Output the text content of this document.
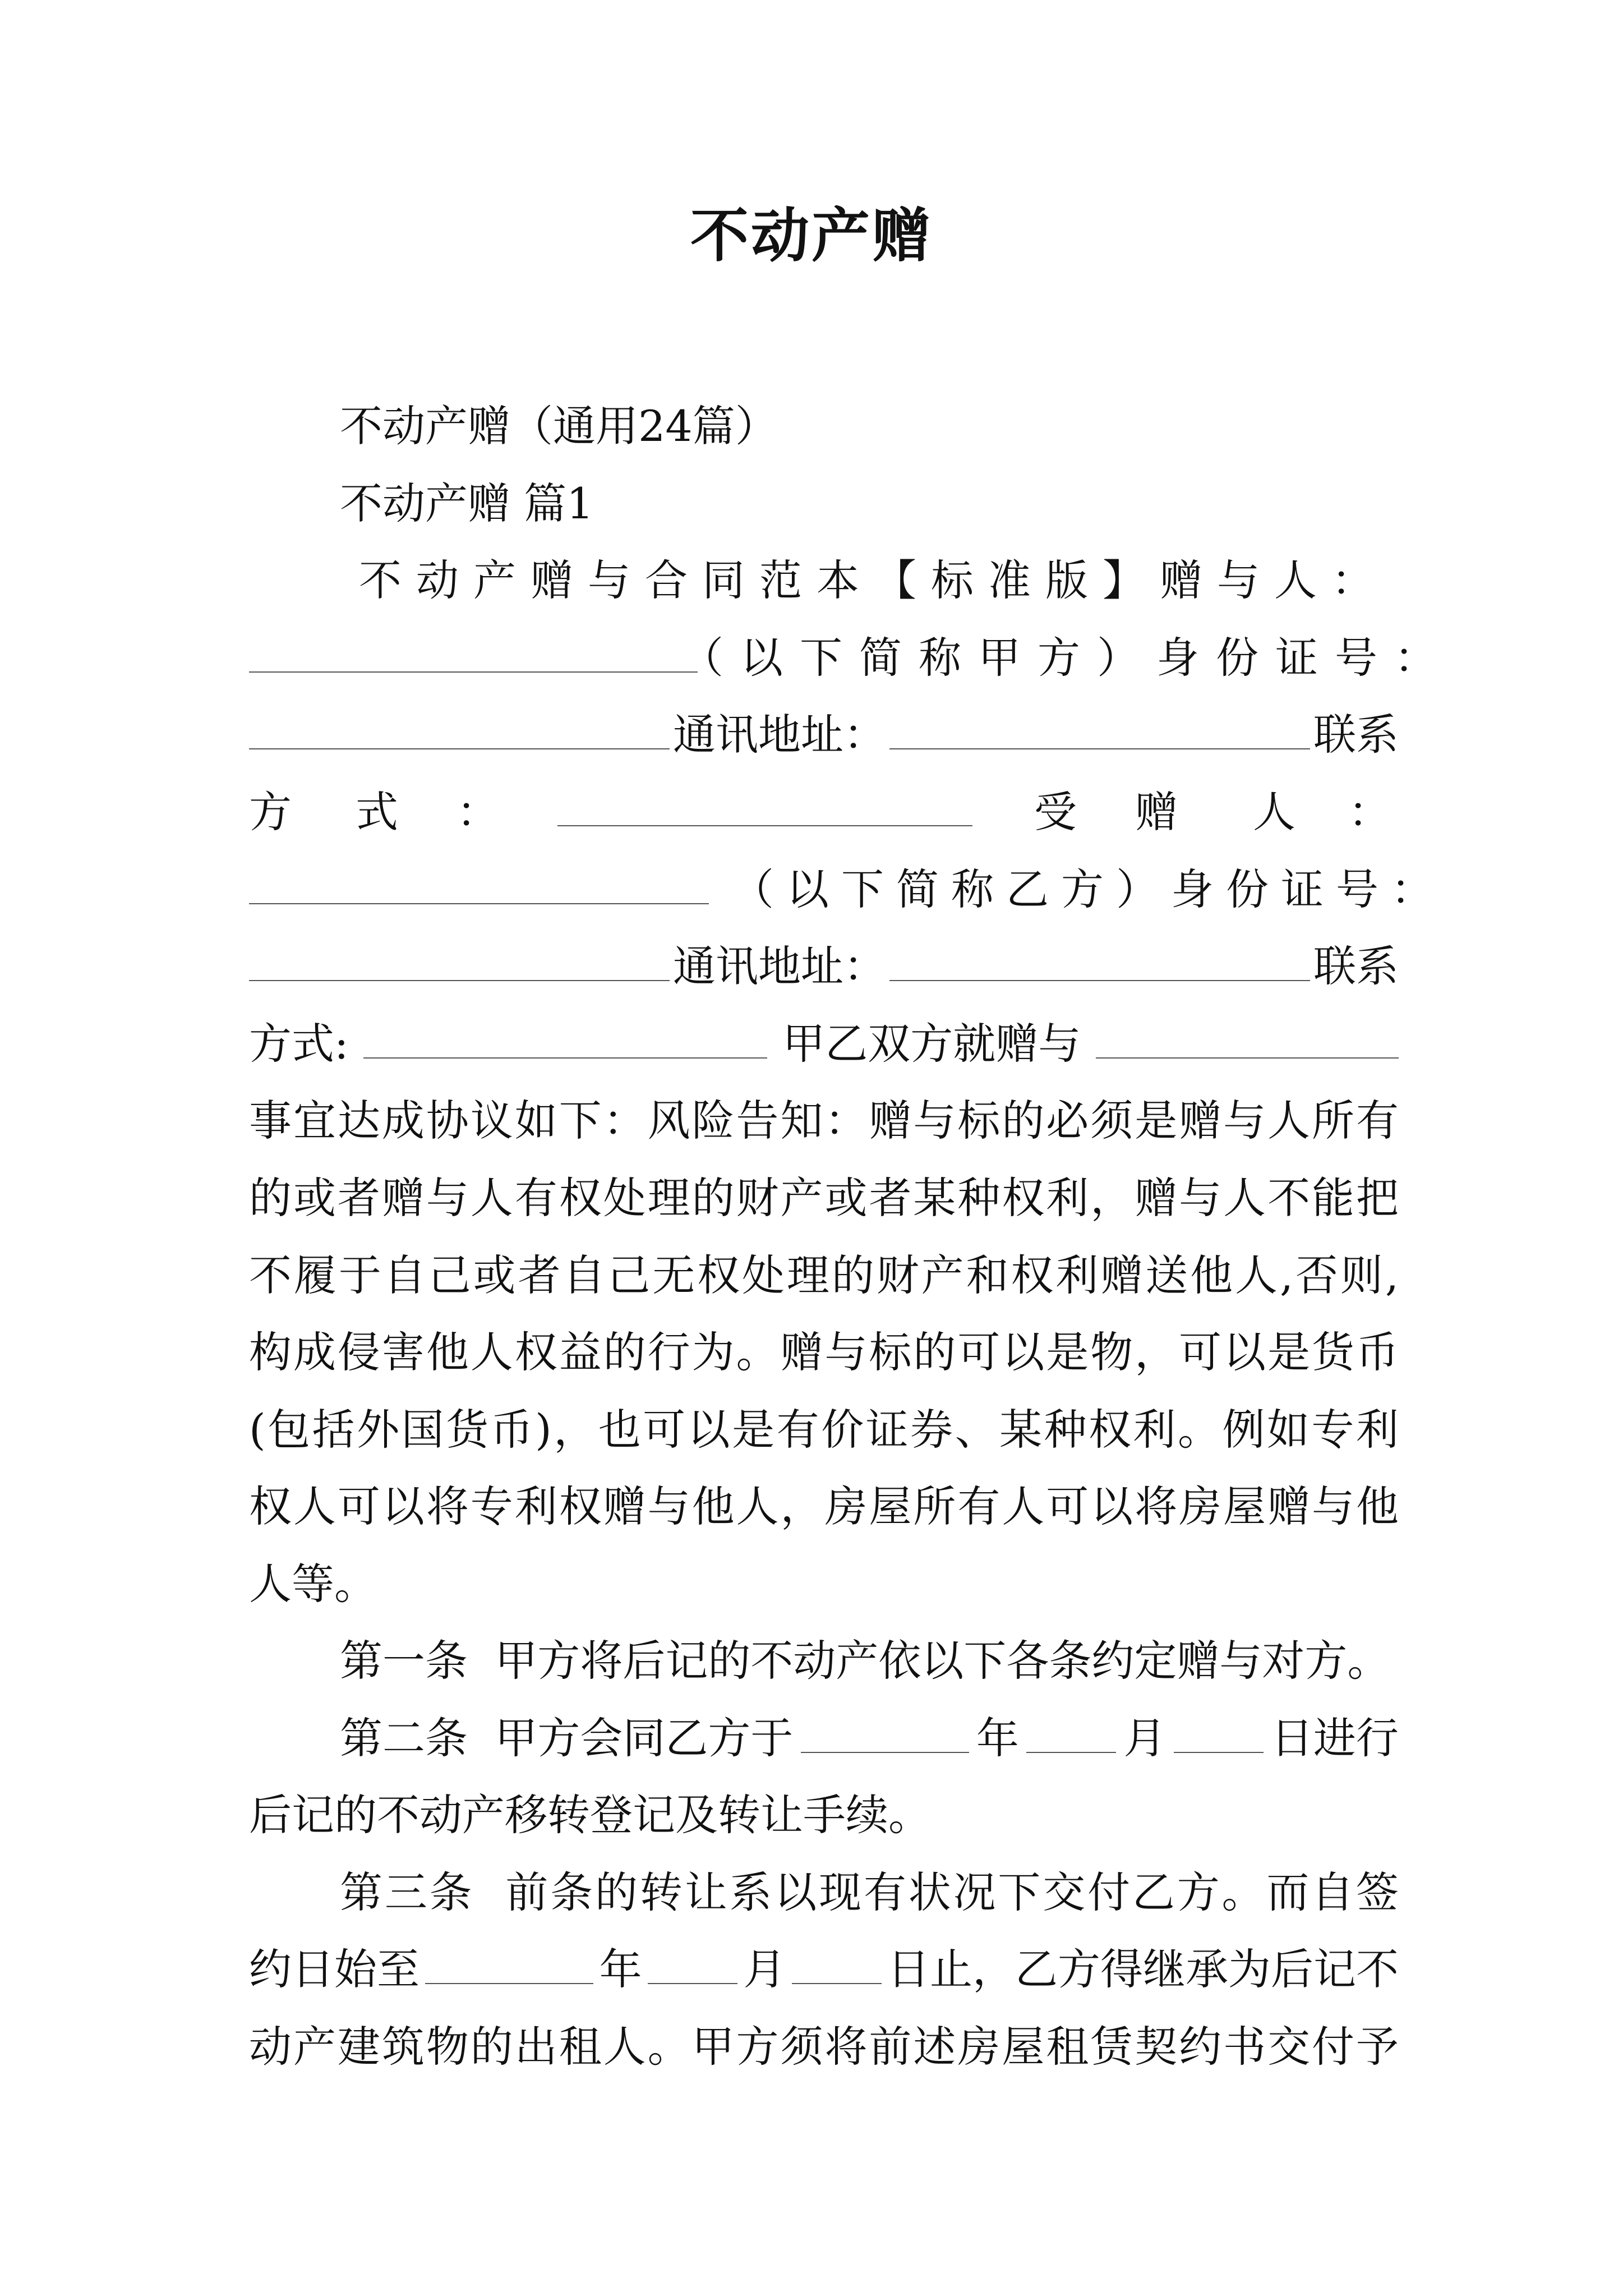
不动产赠
不动产赠（通用24篇）
不动产赠 篇1
不动产赠与合同范本【标准版】赠与人：
（以下简称甲方）身份证号：
通讯地址：	联系
方 式 ：	受 赠 人 ：
（以下简称乙方）身份证号：
通讯地址：	联系
方式:	甲乙双方就赠与
事宜达成协议如下：风险告知：赠与标的必须是赠与人所有
的或者赠与人有权处理的财产或者某种权利，赠与人不能把
不履于自己或者自己无权处理的财产和权利赠送他人,否则,
构成侵害他人权益的行为。赠与标的可以是物，可以是货币
(包括外国货币)，也可以是有价证券、某种权利。例如专利
权人可以将专利权赠与他人，房屋所有人可以将房屋赠与他
人等。
第一条  甲方将后记的不动产依以下各条约定赠与对方。
第二条  甲方会同乙方于	年 月 日进行
后记的不动产移转登记及转让手续。
第三条  前条的转让系以现有状况下交付乙方。而自签
约日始至	年 月 日止，乙方得继承为后记不
动产建筑物的出租人。甲方须将前述房屋租赁契约书交付予
